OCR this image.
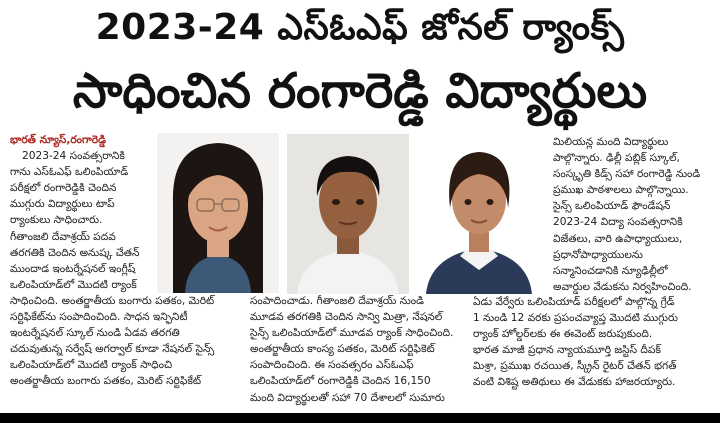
2023-24 ఎస్ఓఎఫ్ జోనల్ ర్యాంక్స్
సాధించిన రంగారెడ్డి విద్యార్థులు
భారత్ న్యూస్,రంగారెడ్డి
2023-24 సంవత్సరానికి
గాను ఎస్ఓఎఫ్ ఒలింపియాడ్
పరీక్షలో రంగారెడ్డికి చెందిన
ముగ్గురు విద్యార్థులు టాప్
ర్యాంకులు సాధించారు.
గీతాంజలి దేవాశ్రయ్ పదవ
తరగతికి చెందిన అనుష్క చేతన్
ముందాడ ఇంటర్నేషనల్ ఇంగ్లీష్
ఒలింపియాడ్‌లో మొదటి ర్యాంక్
సాధించింది. అంతర్జాతీయ బంగారు పతకం, మెరిట్
సర్టిఫికేట్‌ను సంపాదించింది. సాధన ఇన్ఫినిటీ
ఇంటర్నేషనల్ స్కూల్ నుండి ఏడవ తరగతి
చదువుతున్న సర్వేష్ అగర్వాల్ కూడా నేషనల్ సైన్స్
ఒలింపియాడ్‌లో మొదటి ర్యాంక్ సాధించి
అంతర్జాతీయ బంగారు పతకం, మెరిట్ సర్టిఫికేట్
సంపాదించాడు. గీతాంజలి దేవాశ్రయ్ నుండి
మూడవ తరగతికి చెందిన సాన్వి మిత్రా, నేషనల్
సైన్స్ ఒలింపియాడ్‌లో మూడవ ర్యాంక్ సాధించింది.
అంతర్జాతీయ కాంస్య పతకం, మెరిట్ సర్టిఫికెట్
సంపాదించింది. ఈ సంవత్సరం ఎస్ఓఎఫ్
ఒలింపియాడ్‌లో రంగారెడ్డికి చెందిన 16,150
మంది విద్యార్థులతో సహా 70 దేశాలలో సుమారు
మిలియన్ల మంది విద్యార్థులు
పాల్గొన్నారు. ఢిల్లీ పబ్లిక్ స్కూల్,
సంస్కృతి కిడ్స్ సహా రంగారెడ్డి నుండి
ప్రముఖ పాఠశాలలు పాల్గొన్నాయి.
సైన్స్ ఒలింపియాడ్ ఫౌండేషన్
2023-24 విద్యా సంవత్సరానికి
విజేతలు, వారి ఉపాధ్యాయులు,
ప్రధానోపాధ్యాయులను
సన్మానించడానికి న్యూఢిల్లీలో
అవార్డుల వేడుకను నిర్వహించింది.
ఏడు వేర్వేరు ఒలింపియాడ్ పరీక్షలలో పాల్గొన్న గ్రేడ్
1 నుండి 12 వరకు ప్రపంచవ్యాప్త మొదటి ముగ్గురు
ర్యాంక్ హోల్డర్‌లకు ఈ ఈవెంట్ జరుపుకుంది.
భారత మాజీ ప్రధాన న్యాయమూర్తి జస్టిస్ దీపక్
మిశ్రా, ప్రముఖ రచయిత, స్క్రీన్ రైటర్ చేతన్ భగత్
వంటి విశిష్ట అతిథులు ఈ వేడుకకు హాజరయ్యారు.
